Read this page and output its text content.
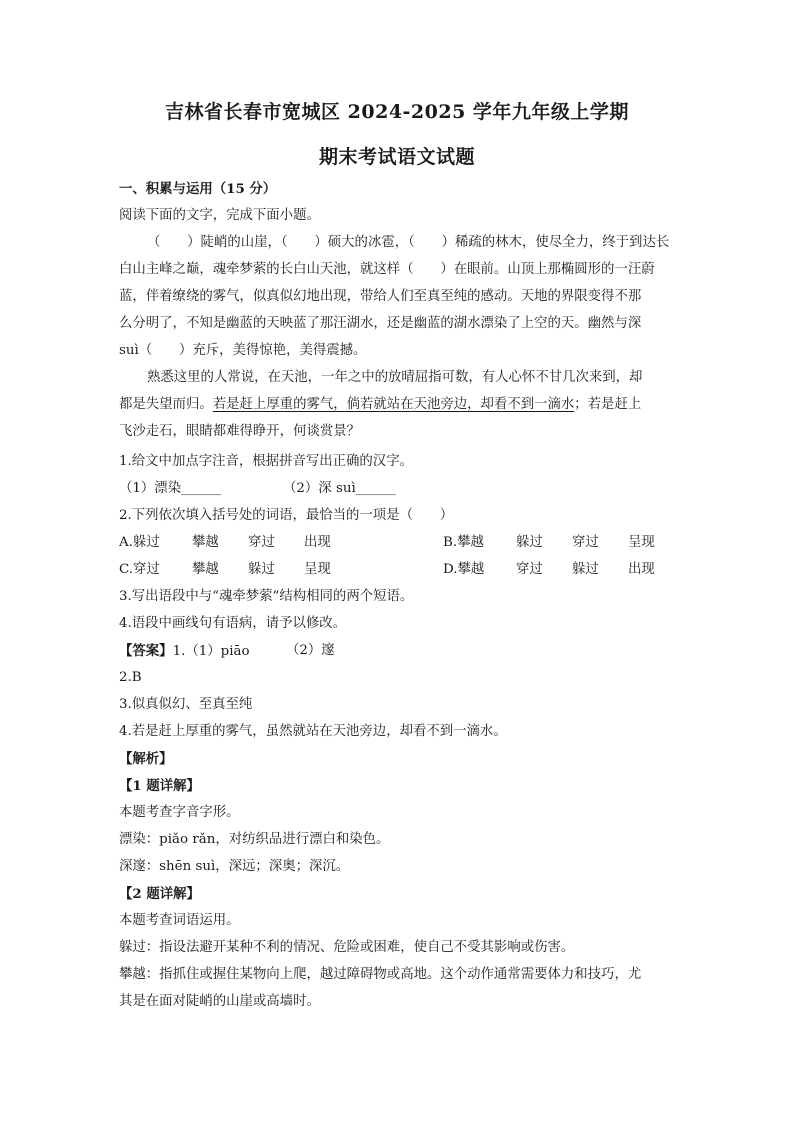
吉林省长春市宽城区 2024-2025 学年九年级上学期
期末考试语文试题
一、积累与运用（15 分）
阅读下面的文字，完成下面小题。
（　　）陡峭的山崖，（　　）硕大的冰雹，（　　）稀疏的林木，使尽全力，终于到达长
白山主峰之巅，魂牵梦萦的长白山天池，就这样（　　）在眼前。山顶上那椭圆形的一汪蔚
蓝，伴着缭绕的雾气，似真似幻地出现，带给人们至真至纯的感动。天地的界限变得不那
么分明了，不知是幽蓝的天映蓝了那汪湖水，还是幽蓝的湖水漂染了上空的天。幽然与深
suì（　　）充斥，美得惊艳，美得震撼。
熟悉这里的人常说，在天池，一年之中的放晴屈指可数，有人心怀不甘几次来到，却
都是失望而归。若是赶上厚重的雾气，倘若就站在天池旁边，却看不到一滴水；若是赶上
飞沙走石，眼睛都难得睁开，何谈赏景？
1.给文中加点字注音，根据拼音写出正确的汉字。
（1）漂染______	（2）深 suì______
2.下列依次填入括号处的词语，最恰当的一项是（　　）
A.躲过 攀越 穿过 出现	B.攀越 躲过 穿过 呈现
C.穿过 攀越 躲过 呈现	D.攀越 穿过 躲过 出现
3.写出语段中与“魂牵梦萦”结构相同的两个短语。
4.语段中画线句有语病，请予以修改。
【答案】1.（1）piāo	（2）邃
2.B
3.似真似幻、至真至纯
4.若是赶上厚重的雾气，虽然就站在天池旁边，却看不到一滴水。
【解析】
【1 题详解】
本题考查字音字形。
漂染：piǎo rǎn，对纺织品进行漂白和染色。
深邃：shēn suì，深远；深奥；深沉。
【2 题详解】
本题考查词语运用。
躲过：指设法避开某种不利的情况、危险或困难，使自己不受其影响或伤害。
攀越：指抓住或握住某物向上爬，越过障碍物或高地。这个动作通常需要体力和技巧，尤
其是在面对陡峭的山崖或高墙时。
